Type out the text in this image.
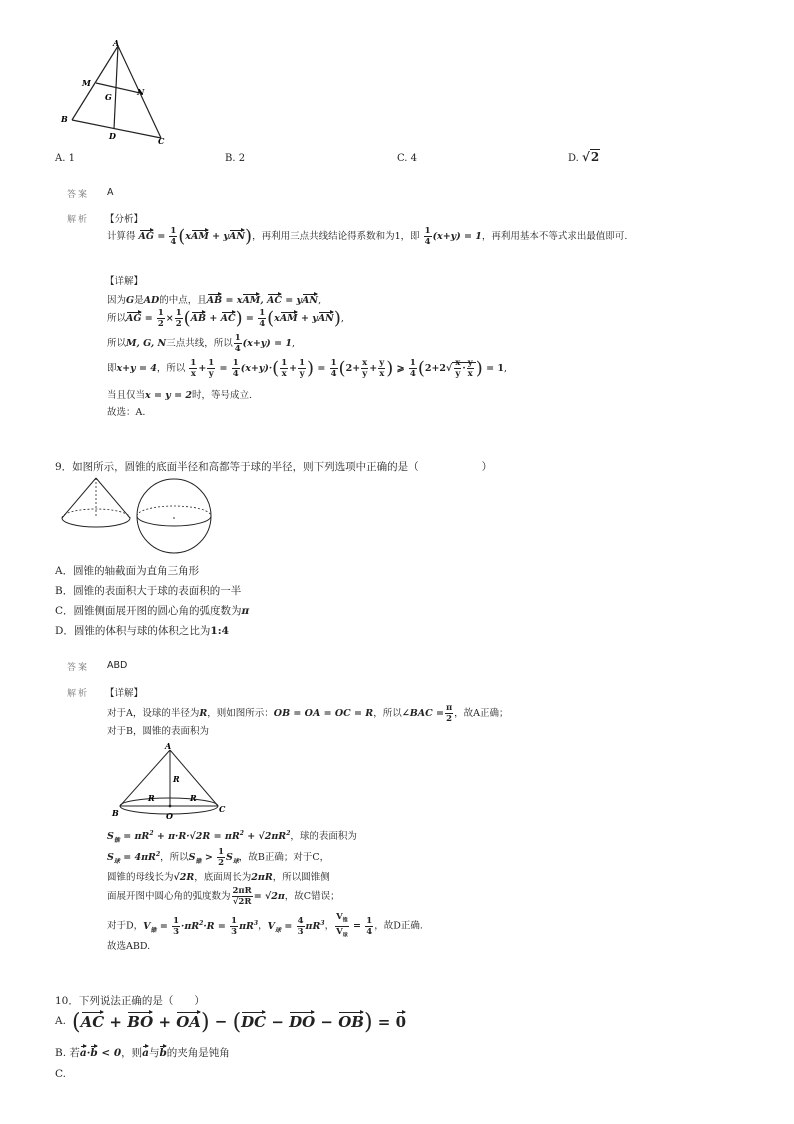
A
M
N
G
B
D	C
A. 1	B. 2	C. 4	D. √2
答案 A
解析 【分析】
计算得 AG = $\frac{1}{4} (xAM + yAN)$，再利用三点共线结论得系数和为1，即 $\frac{1}{4} (x+y) = 1$，再利用基本不等式求出最值即可.
【详解】
因为G是AD的中点，且AB = xAM, AC = yAN,
所以AG = $\frac{1}{2} \times \frac{1}{2} (AB + AC) = \frac{1}{4} (xAM + yAN)$,
所以M, G, N三点共线，所以 $\frac{1}{4} (x+y) = 1$,
即x+y = 4，所以 $\frac{1}{x} + \frac{1}{y} = \frac{1}{4} (x+y)\cdot( \frac{1}{x} + \frac{1}{y}$ ) = $\frac{1}{4} (2+ \frac{x}{y} + \frac{y}{x}$ ) ⩾ $\frac{1}{4} (2+2√ \frac{x}{y} \cdot \frac{y}{x}$ ) = 1,
当且仅当x = y = 2时，等号成立.
故选：A.
9．如图所示，圆锥的底面半径和高都等于球的半径，则下列选项中正确的是（　　　　　　）
A．圆锥的轴截面为直角三角形
B．圆锥的表面积大于球的表面积的一半
C．圆锥侧面展开图的圆心角的弧度数为π
D．圆锥的体积与球的体积之比为1:4
答案 ABD
解析 【详解】
对于A，设球的半径为R，则如图所示：OB = OA = OC = R，所以∠BAC = $\frac{\pi}{2}$ ，故A正确；
对于B，圆锥的表面积为
A
R
R	R
B	O
C
$S_锥 = \pi R^2 + \pi\cdot R\cdot√2R = \pi R^2 + √2\pi R^2$，球的表面积为
$S_球 = 4\pi R^2$，所以$S_锥 > \frac{1}{2} S_球$，故B正确；对于C，
圆锥的母线长为√2R，底面周长为2πR，所以圆锥侧
面展开图中圆心角的弧度数为 $\frac{2\pi R}{√2R} = √2\pi$，故C错误；
对于D，$V_锥 = \frac{1}{3} \cdot\pi R^2\cdot R = \frac{1}{3} \pi R^3$，$V_球 = \frac{4}{3} \pi R^3$， $\frac{V_锥}{V_球} = \frac{1}{4}$ ，故D正确.
故选ABD.
10．下列说法正确的是（　　）
A. (AC + BO + OA) − (DC − DO − OB) = 0
B. 若a·b < 0，则a与b的夹角是钝角
C.
